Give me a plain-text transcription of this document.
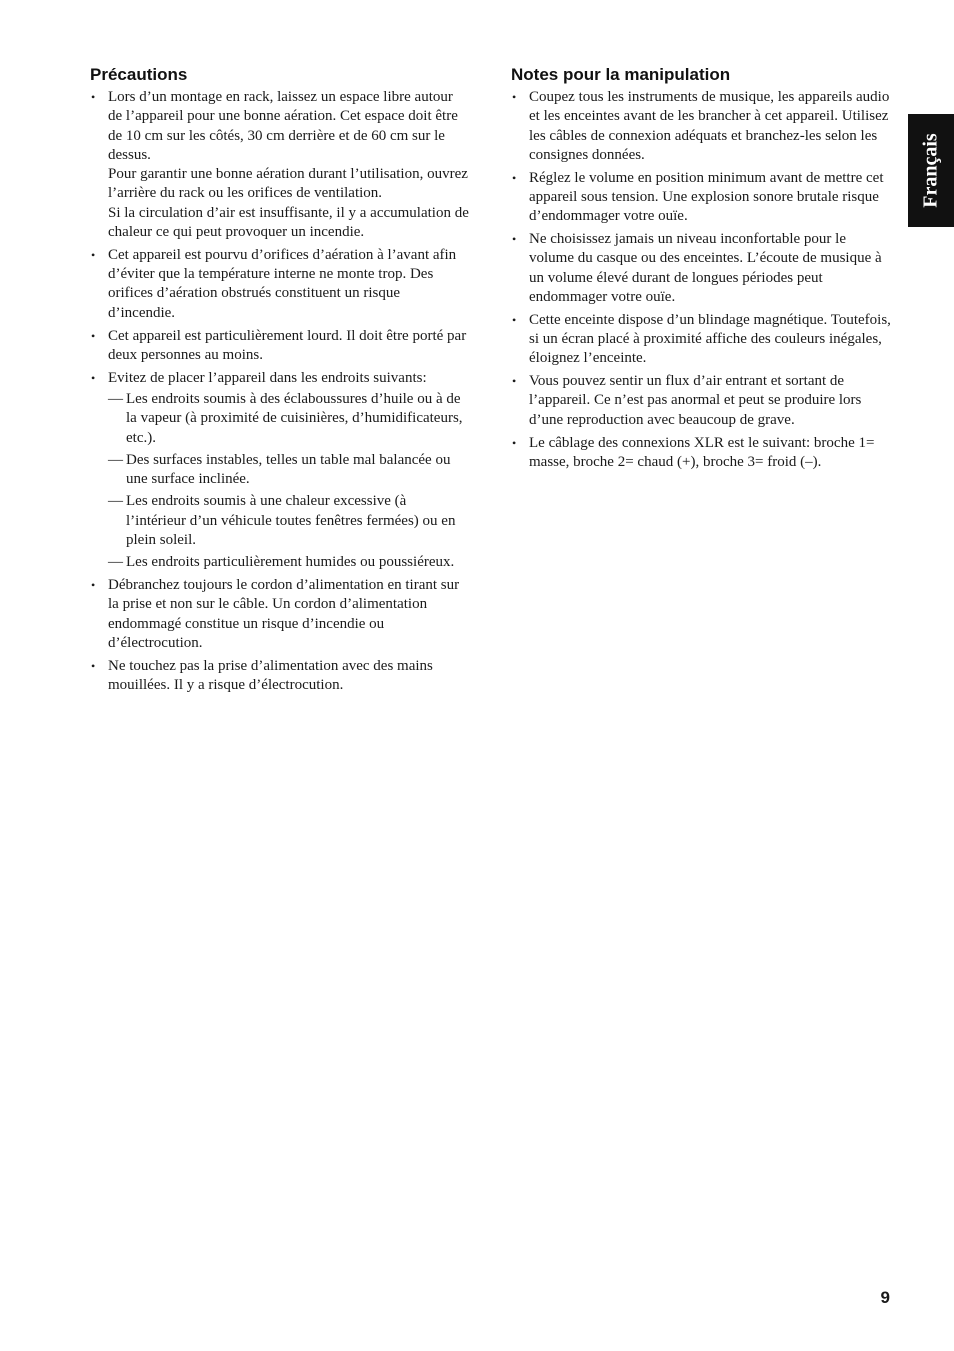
Précautions
• Lors d’un montage en rack, laissez un espace libre autour de l’appareil pour une bonne aération. Cet espace doit être de 10 cm sur les côtés, 30 cm derrière et de 60 cm sur le dessus.
Pour garantir une bonne aération durant l’utilisation, ouvrez l’arrière du rack ou les orifices de ventilation.
Si la circulation d’air est insuffisante, il y a accumulation de chaleur ce qui peut provoquer un incendie.
• Cet appareil est pourvu d’orifices d’aération à l’avant afin d’éviter que la température interne ne monte trop. Des orifices d’aération obstrués constituent un risque d’incendie.
• Cet appareil est particulièrement lourd. Il doit être porté par deux personnes au moins.
• Evitez de placer l’appareil dans les endroits suivants:
— Les endroits soumis à des éclaboussures d’huile ou à de la vapeur (à proximité de cuisinières, d’humidificateurs, etc.).
— Des surfaces instables, telles un table mal balancée ou une surface inclinée.
— Les endroits soumis à une chaleur excessive (à l’intérieur d’un véhicule toutes fenêtres fermées) ou en plein soleil.
— Les endroits particulièrement humides ou poussiéreux.
• Débranchez toujours le cordon d’alimentation en tirant sur la prise et non sur le câble. Un cordon d’alimentation endommagé constitue un risque d’incendie ou d’électrocution.
• Ne touchez pas la prise d’alimentation avec des mains mouillées. Il y a risque d’électrocution.
Notes pour la manipulation
• Coupez tous les instruments de musique, les appareils audio et les enceintes avant de les brancher à cet appareil. Utilisez les câbles de connexion adéquats et branchez-les selon les consignes données.
• Réglez le volume en position minimum avant de mettre cet appareil sous tension. Une explosion sonore brutale risque d’endommager votre ouïe.
• Ne choisissez jamais un niveau inconfortable pour le volume du casque ou des enceintes. L’écoute de musique à un volume élevé durant de longues périodes peut endommager votre ouïe.
• Cette enceinte dispose d’un blindage magnétique. Toutefois, si un écran placé à proximité affiche des couleurs inégales, éloignez l’enceinte.
• Vous pouvez sentir un flux d’air entrant et sortant de l’appareil. Ce n’est pas anormal et peut se produire lors d’une reproduction avec beaucoup de grave.
• Le câblage des connexions XLR est le suivant: broche 1= masse, broche 2= chaud (+), broche 3= froid (–).
Français
9
